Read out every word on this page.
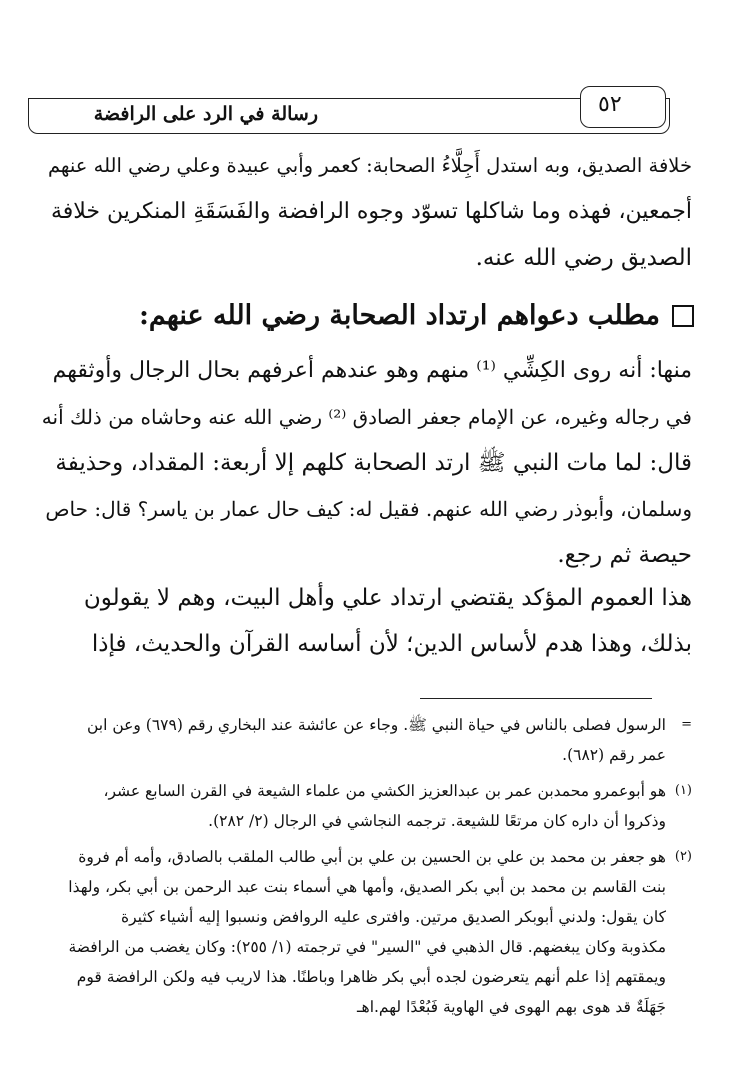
٥٢
رسالة في الرد على الرافضة

خلافة الصديق، وبه استدل أَجِلَّاءُ الصحابة: كعمر وأبي عبيدة وعلي رضي الله عنهم

أجمعين، فهذه وما شاكلها تسوّد وجوه الرافضة والفَسَقَةِ المنكرين خلافة

الصديق رضي الله عنه.

مطلب دعواهم ارتداد الصحابة رضي الله عنهم:

منها: أنه روى الكِشِّي ⁽¹⁾ منهم وهو عندهم أعرفهم بحال الرجال وأوثقهم

في رجاله وغيره، عن الإمام جعفر الصادق ⁽²⁾ رضي الله عنه وحاشاه من ذلك أنه

قال: لما مات النبي ﷺ ارتد الصحابة كلهم إلا أربعة: المقداد، وحذيفة

وسلمان، وأبوذر رضي الله عنهم. فقيل له: كيف حال عمار بن ياسر؟ قال: حاص

حيصة ثم رجع.

هذا العموم المؤكد يقتضي ارتداد علي وأهل البيت، وهم لا يقولون

بذلك، وهذا هدم لأساس الدين؛ لأن أساسه القرآن والحديث، فإذا

=
الرسول فصلى بالناس في حياة النبي ﷺ. وجاء عن عائشة عند البخاري رقم (٦٧٩) وعن ابن
عمر رقم (٦٨٢).
(١)
هو أبوعمرو محمدبن عمر بن عبدالعزيز الكشي من علماء الشيعة في القرن السابع عشر،
وذكروا أن داره كان مرتعًا للشيعة. ترجمه النجاشي في الرجال (٢/ ٢٨٢).
(٢)
هو جعفر بن محمد بن علي بن الحسين بن علي بن أبي طالب الملقب بالصادق، وأمه أم فروة
بنت القاسم بن محمد بن أبي بكر الصديق، وأمها هي أسماء بنت عبد الرحمن بن أبي بكر، ولهذا
كان يقول: ولدني أبوبكر الصديق مرتين. وافترى عليه الروافض ونسبوا إليه أشياء كثيرة
مكذوبة وكان يبغضهم. قال الذهبي في "السير" في ترجمته (١/ ٢٥٥): وكان يغضب من الرافضة
ويمقتهم إذا علم أنهم يتعرضون لجده أبي بكر ظاهرا وباطنًا. هذا لاريب فيه ولكن الرافضة قوم
جَهَلَةٌ قد هوى بهم الهوى في الهاوية فَبُعْدًا لهم.اهـ
